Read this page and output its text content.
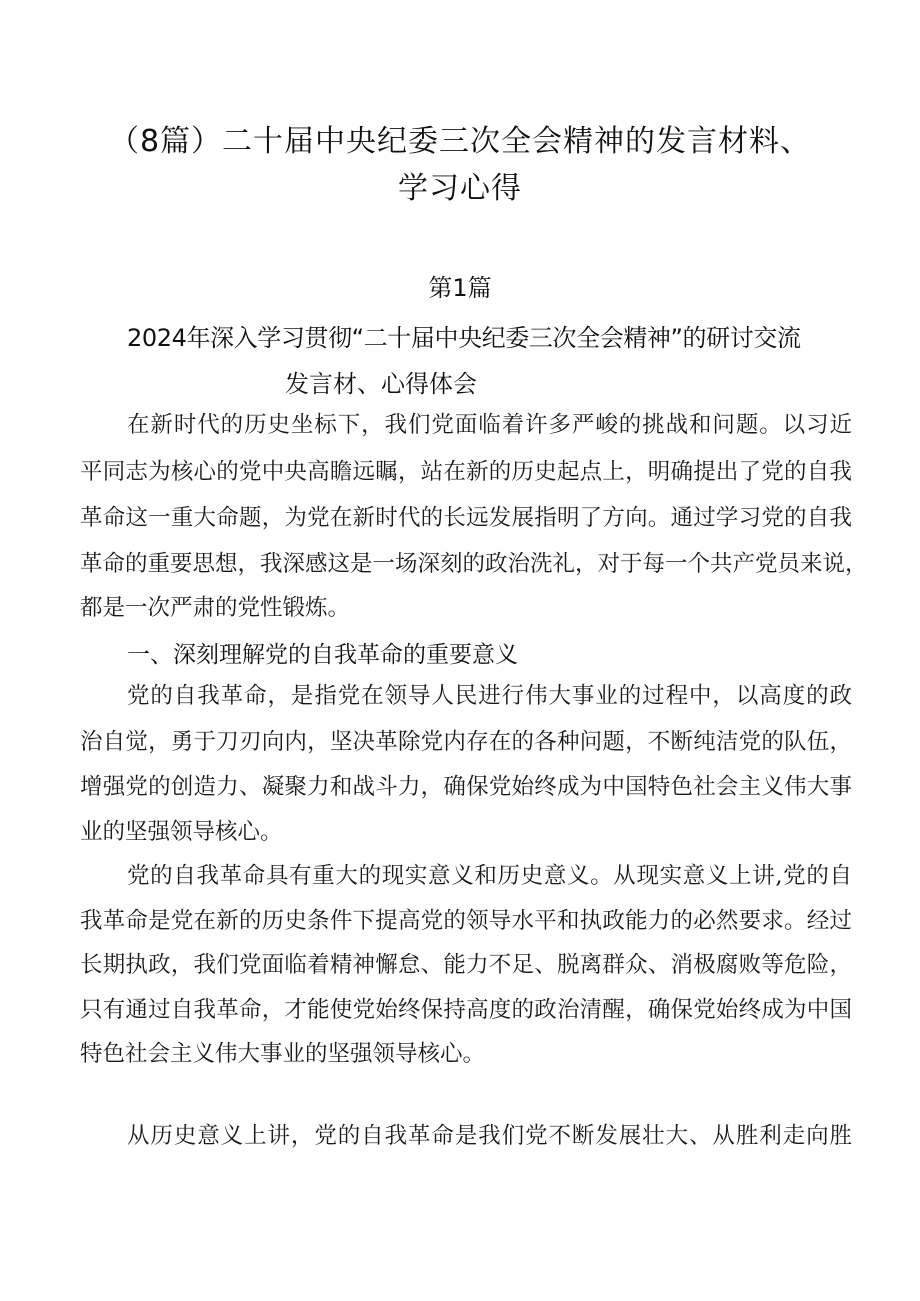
（8篇）二十届中央纪委三次全会精神的发言材料、
学习心得
第1篇
2024年深入学习贯彻“二十届中央纪委三次全会精神”的研讨交流
发言材、心得体会
在新时代的历史坐标下，我们党面临着许多严峻的挑战和问题。以习近
平同志为核心的党中央高瞻远瞩，站在新的历史起点上，明确提出了党的自我
革命这一重大命题，为党在新时代的长远发展指明了方向。通过学习党的自我
革命的重要思想，我深感这是一场深刻的政治洗礼，对于每一个共产党员来说，
都是一次严肃的党性锻炼。
一、深刻理解党的自我革命的重要意义
党的自我革命，是指党在领导人民进行伟大事业的过程中，以高度的政
治自觉，勇于刀刃向内，坚决革除党内存在的各种问题，不断纯洁党的队伍，
增强党的创造力、凝聚力和战斗力，确保党始终成为中国特色社会主义伟大事
业的坚强领导核心。
党的自我革命具有重大的现实意义和历史意义。从现实意义上讲,党的自
我革命是党在新的历史条件下提高党的领导水平和执政能力的必然要求。经过
长期执政，我们党面临着精神懈怠、能力不足、脱离群众、消极腐败等危险，
只有通过自我革命，才能使党始终保持高度的政治清醒，确保党始终成为中国
特色社会主义伟大事业的坚强领导核心。
从历史意义上讲，党的自我革命是我们党不断发展壮大、从胜利走向胜
